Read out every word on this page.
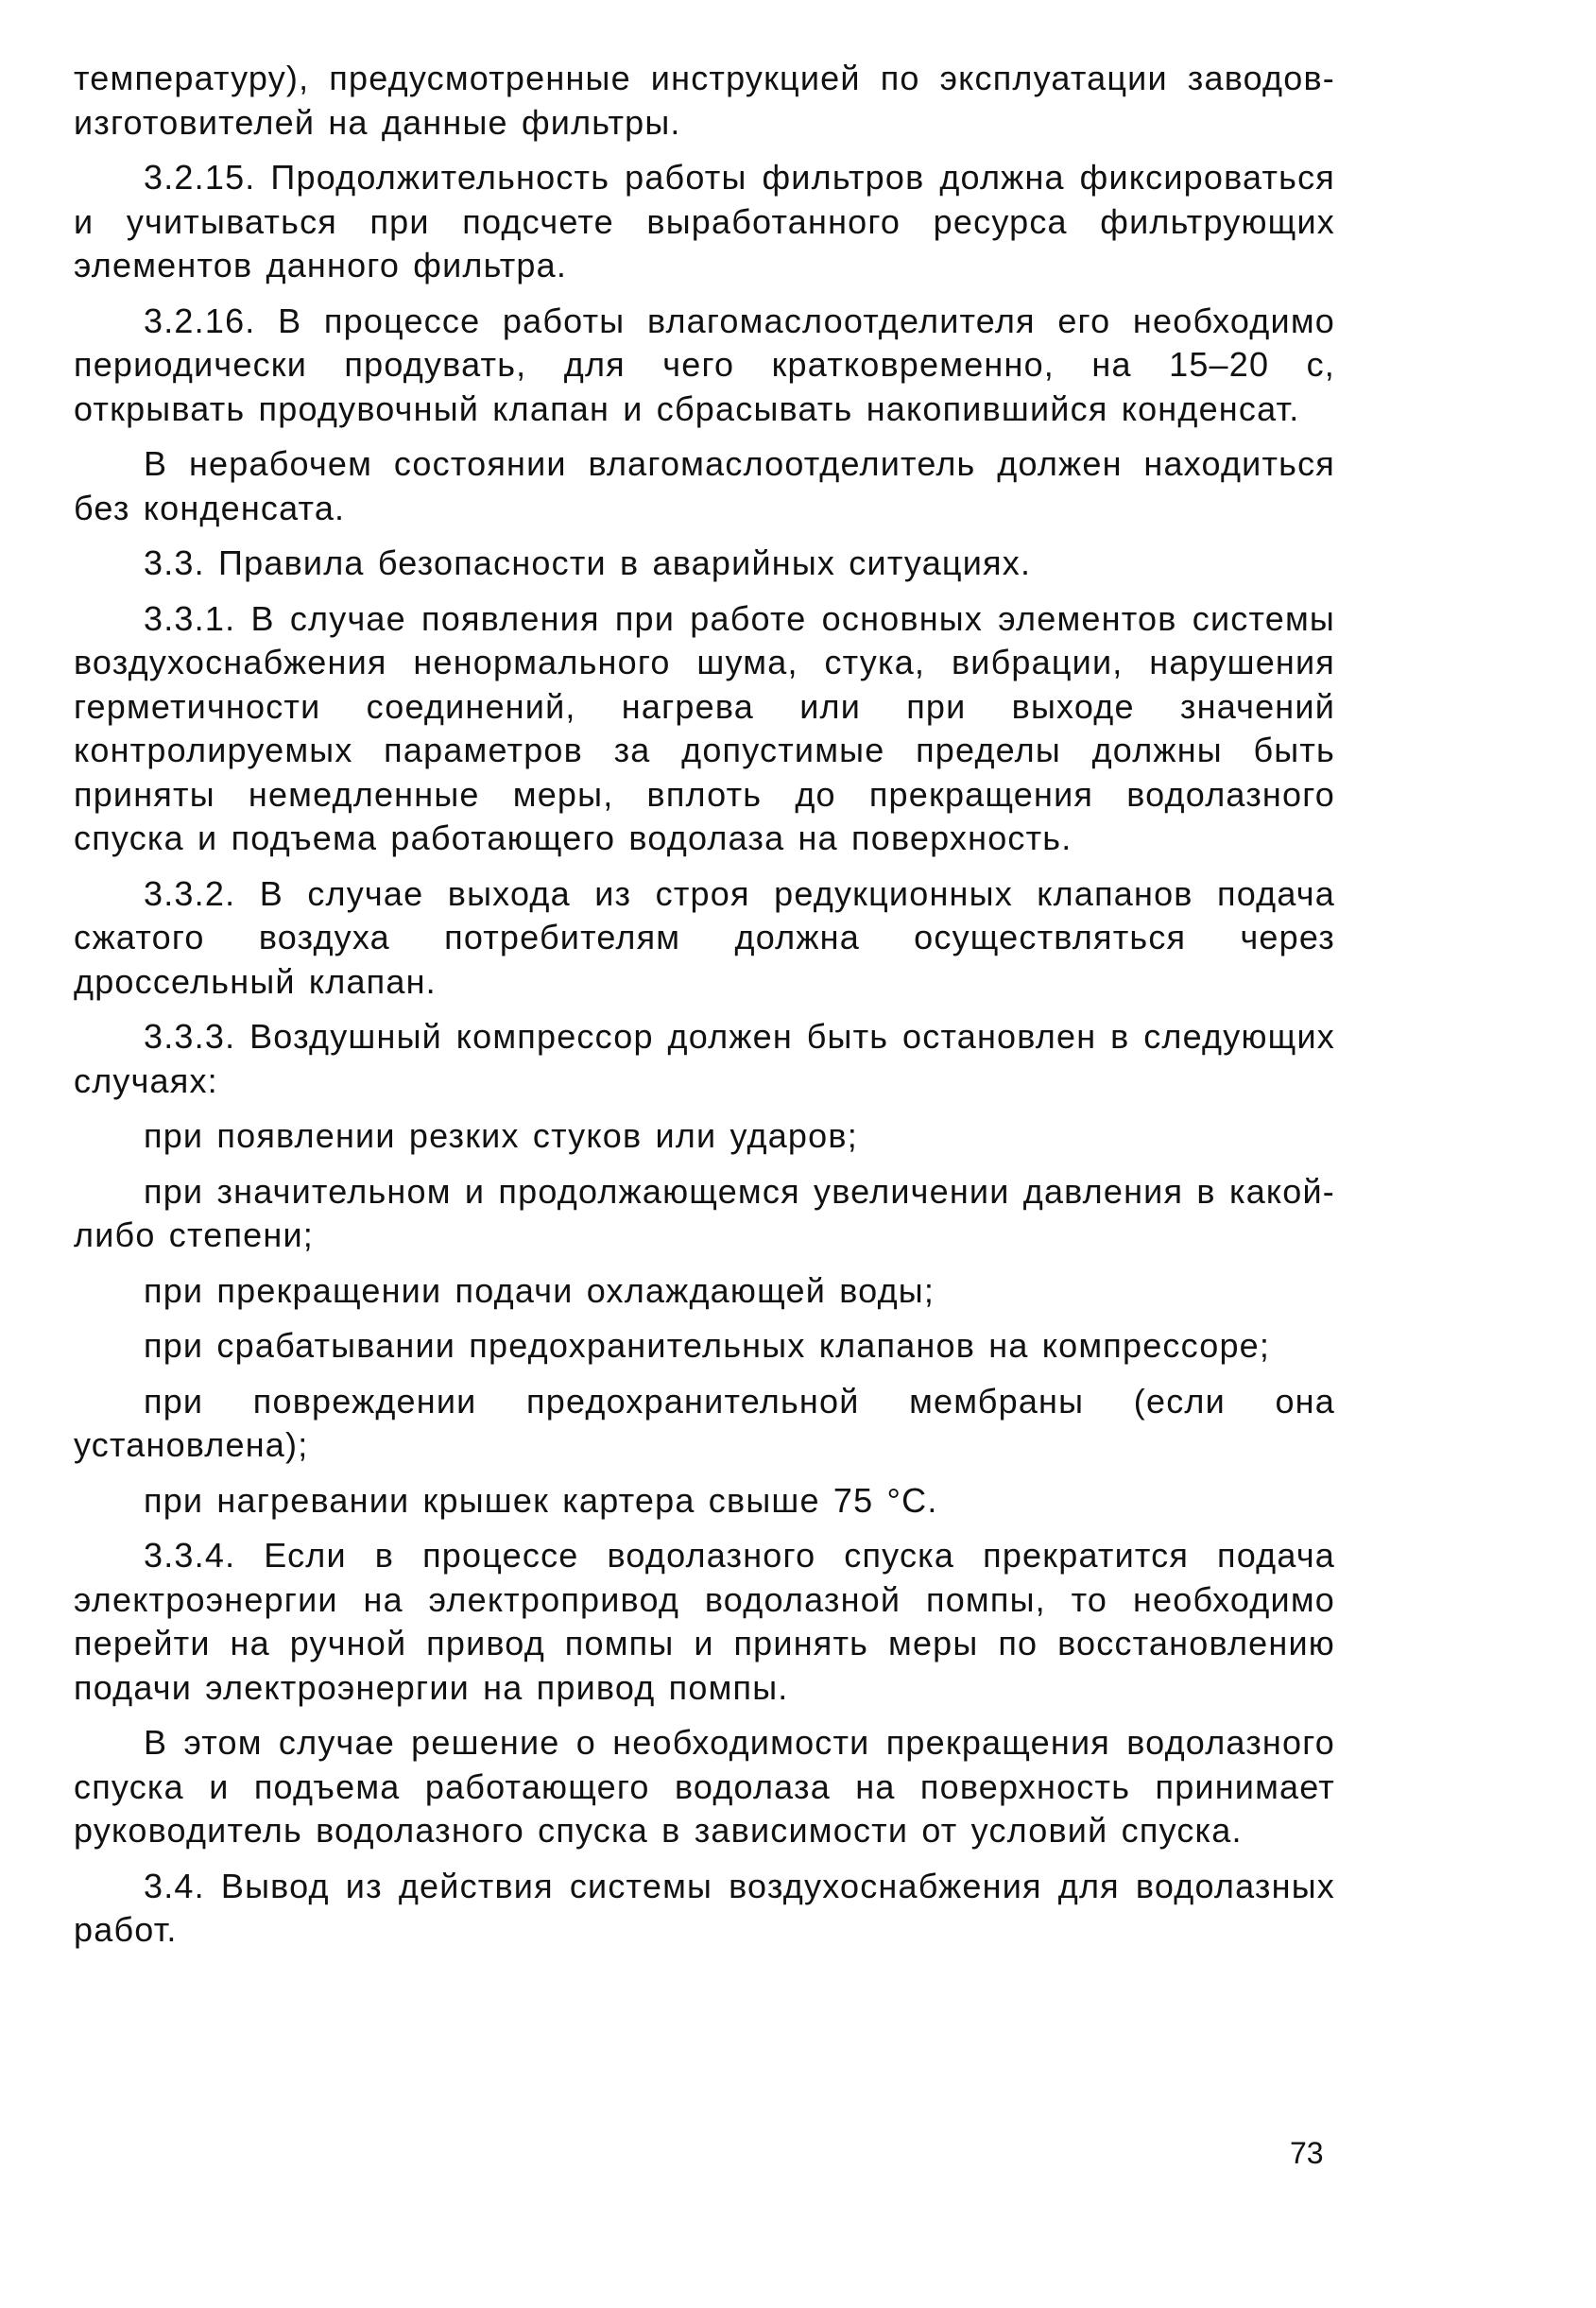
температуру), предусмотренные инструкцией по эксплуатации заводов-изготовителей на данные фильтры.

3.2.15. Продолжительность работы фильтров должна фиксироваться и учитываться при подсчете выработанного ресурса фильтрующих элементов данного фильтра.

3.2.16. В процессе работы влагомаслоотделителя его необходимо периодически продувать, для чего кратковременно, на 15–20 с, открывать продувочный клапан и сбрасывать накопившийся конденсат.

В нерабочем состоянии влагомаслоотделитель должен находиться без конденсата.

3.3. Правила безопасности в аварийных ситуациях.

3.3.1. В случае появления при работе основных элементов системы воздухоснабжения ненормального шума, стука, вибрации, нарушения герметичности соединений, нагрева или при выходе значений контролируемых параметров за допустимые пределы должны быть приняты немедленные меры, вплоть до прекращения водолазного спуска и подъема работающего водолаза на поверхность.

3.3.2. В случае выхода из строя редукционных клапанов подача сжатого воздуха потребителям должна осуществляться через дроссельный клапан.

3.3.3. Воздушный компрессор должен быть остановлен в следующих случаях:

при появлении резких стуков или ударов;

при значительном и продолжающемся увеличении давления в какой-либо степени;

при прекращении подачи охлаждающей воды;

при срабатывании предохранительных клапанов на компрессоре;

при повреждении предохранительной мембраны (если она установлена);

при нагревании крышек картера свыше 75 °С.

3.3.4. Если в процессе водолазного спуска прекратится подача электроэнергии на электропривод водолазной помпы, то необходимо перейти на ручной привод помпы и принять меры по восстановлению подачи электроэнергии на привод помпы.

В этом случае решение о необходимости прекращения водолазного спуска и подъема работающего водолаза на поверхность принимает руководитель водолазного спуска в зависимости от условий спуска.

3.4. Вывод из действия системы воздухоснабжения для водолазных работ.

73
